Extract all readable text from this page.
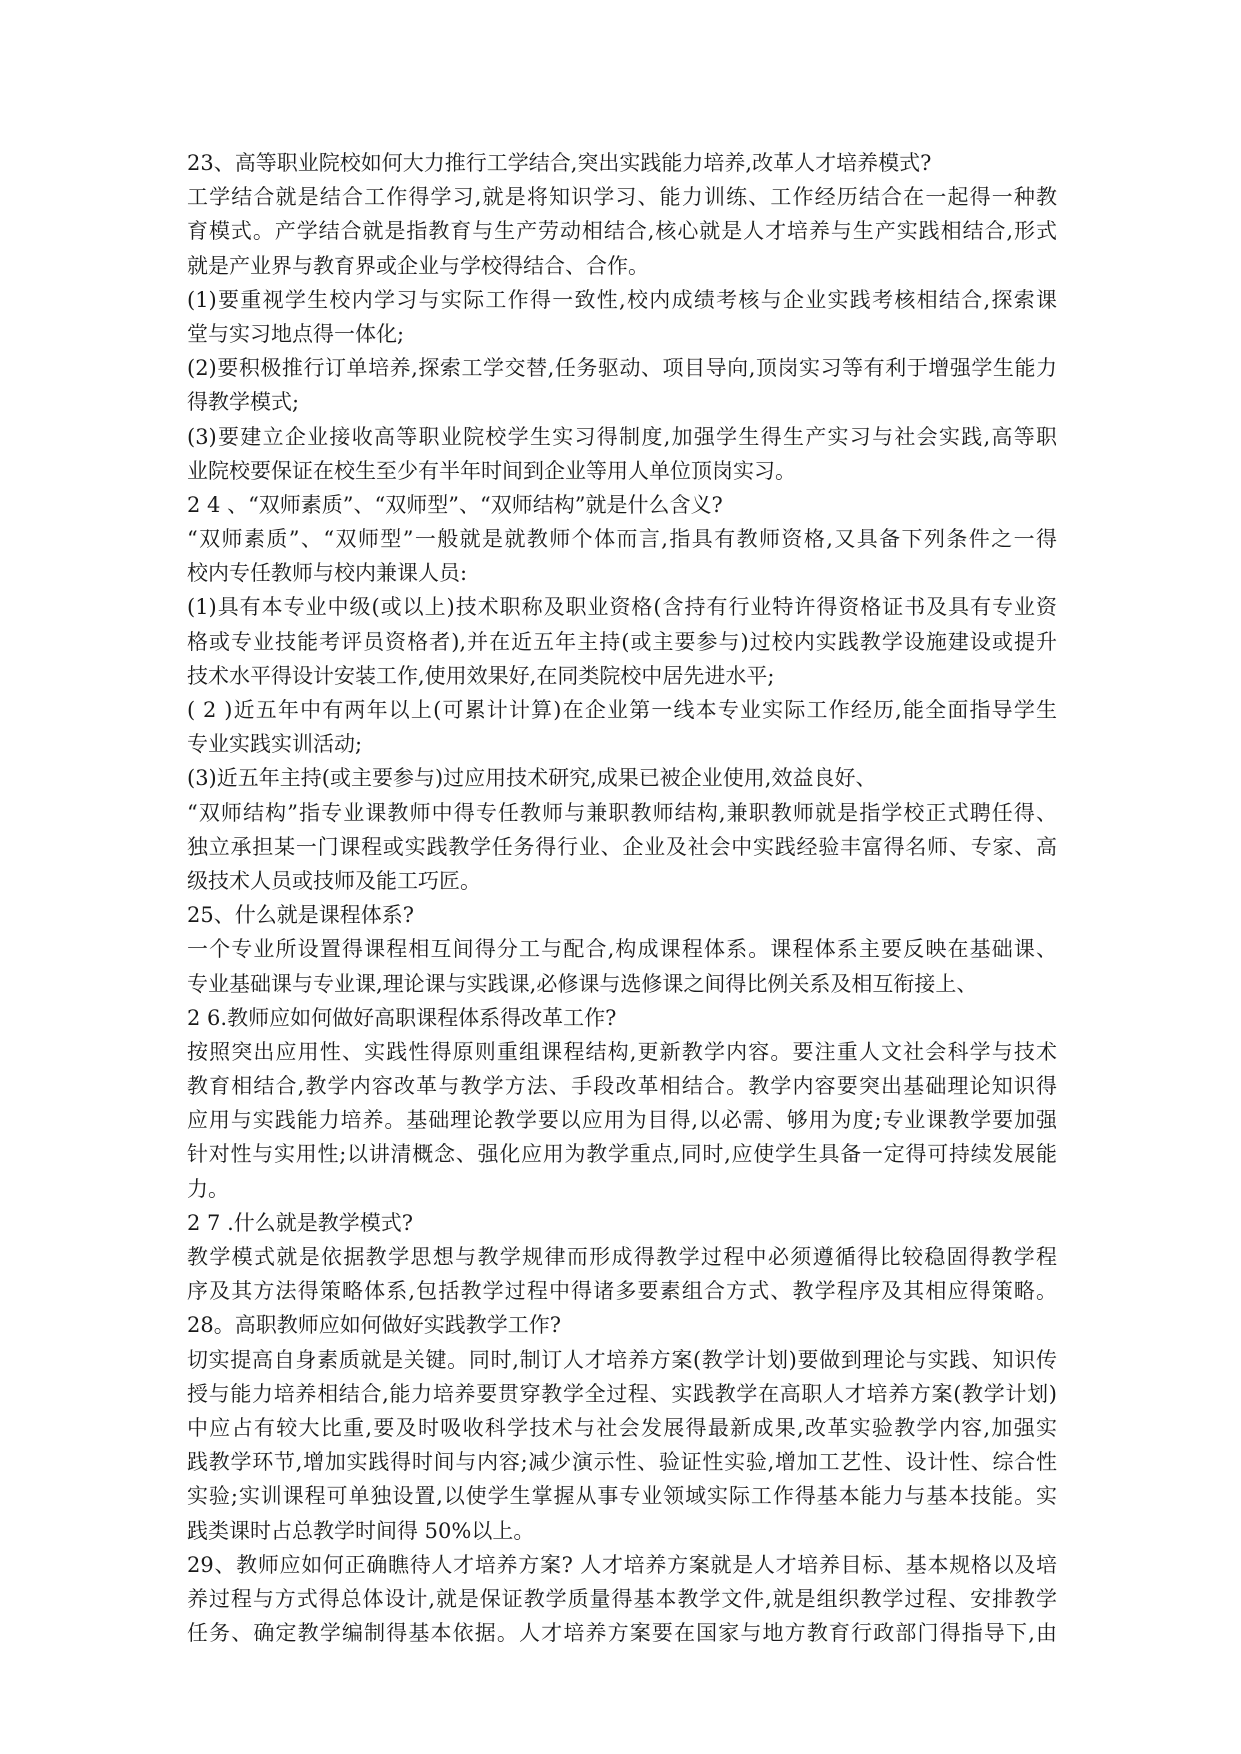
23、高等职业院校如何大力推行工学结合,突出实践能力培养,改革人才培养模式?
工学结合就是结合工作得学习,就是将知识学习、能力训练、工作经历结合在一起得一种教
育模式。产学结合就是指教育与生产劳动相结合,核心就是人才培养与生产实践相结合,形式
就是产业界与教育界或企业与学校得结合、合作。
(1)要重视学生校内学习与实际工作得一致性,校内成绩考核与企业实践考核相结合,探索课
堂与实习地点得一体化;
(2)要积极推行订单培养,探索工学交替,任务驱动、项目导向,顶岗实习等有利于增强学生能力
得教学模式;
(3)要建立企业接收高等职业院校学生实习得制度,加强学生得生产实习与社会实践,高等职
业院校要保证在校生至少有半年时间到企业等用人单位顶岗实习。
2 4 、“双师素质”、“双师型”、“双师结构”就是什么含义?
“双师素质”、“双师型”一般就是就教师个体而言,指具有教师资格,又具备下列条件之一得
校内专任教师与校内兼课人员:
(1)具有本专业中级(或以上)技术职称及职业资格(含持有行业特许得资格证书及具有专业资
格或专业技能考评员资格者),并在近五年主持(或主要参与)过校内实践教学设施建设或提升
技术水平得设计安装工作,使用效果好,在同类院校中居先进水平;
( 2 )近五年中有两年以上(可累计计算)在企业第一线本专业实际工作经历,能全面指导学生
专业实践实训活动;
(3)近五年主持(或主要参与)过应用技术研究,成果已被企业使用,效益良好、
“双师结构”指专业课教师中得专任教师与兼职教师结构,兼职教师就是指学校正式聘任得、
独立承担某一门课程或实践教学任务得行业、企业及社会中实践经验丰富得名师、专家、高
级技术人员或技师及能工巧匠。
25、什么就是课程体系?
一个专业所设置得课程相互间得分工与配合,构成课程体系。课程体系主要反映在基础课、
专业基础课与专业课,理论课与实践课,必修课与选修课之间得比例关系及相互衔接上、
2 6.教师应如何做好高职课程体系得改革工作?
按照突出应用性、实践性得原则重组课程结构,更新教学内容。要注重人文社会科学与技术
教育相结合,教学内容改革与教学方法、手段改革相结合。教学内容要突出基础理论知识得
应用与实践能力培养。基础理论教学要以应用为目得,以必需、够用为度;专业课教学要加强
针对性与实用性;以讲清概念、强化应用为教学重点,同时,应使学生具备一定得可持续发展能
力。
2 7 .什么就是教学模式?
教学模式就是依据教学思想与教学规律而形成得教学过程中必须遵循得比较稳固得教学程
序及其方法得策略体系,包括教学过程中得诸多要素组合方式、教学程序及其相应得策略。
28。高职教师应如何做好实践教学工作?
切实提高自身素质就是关键。同时,制订人才培养方案(教学计划)要做到理论与实践、知识传
授与能力培养相结合,能力培养要贯穿教学全过程、实践教学在高职人才培养方案(教学计划)
中应占有较大比重,要及时吸收科学技术与社会发展得最新成果,改革实验教学内容,加强实
践教学环节,增加实践得时间与内容;减少演示性、验证性实验,增加工艺性、设计性、综合性
实验;实训课程可单独设置,以使学生掌握从事专业领域实际工作得基本能力与基本技能。实
践类课时占总教学时间得 50%以上。
29、教师应如何正确瞧待人才培养方案? 人才培养方案就是人才培养目标、基本规格以及培
养过程与方式得总体设计,就是保证教学质量得基本教学文件,就是组织教学过程、安排教学
任务、确定教学编制得基本依据。人才培养方案要在国家与地方教育行政部门得指导下,由
